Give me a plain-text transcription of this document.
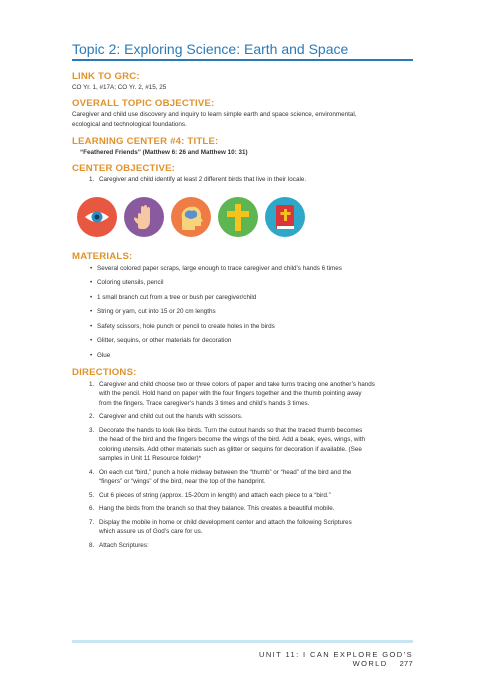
Topic 2: Exploring Science: Earth and Space

LINK TO GRC:

CO Yr. 1, #17A; CO Yr. 2, #15, 25

OVERALL TOPIC OBJECTIVE:

Caregiver and child use discovery and inquiry to learn simple earth and space science, environmental,

ecological and technological foundations.

LEARNING CENTER #4: TITLE:

“Feathered Friends” (Matthew 6: 26 and Matthew 10: 31)

CENTER OBJECTIVE:

1. Caregiver and child identify at least 2 different birds that live in their locale.

MATERIALS:

• Several colored paper scraps, large enough to trace caregiver and child’s hands 6 times
• Coloring utensils, pencil
• 1 small branch cut from a tree or bush per caregiver/child
• String or yarn, cut into 15 or 20 cm lengths
• Safety scissors, hole punch or pencil to create holes in the birds
• Glitter, sequins, or other materials for decoration
• Glue

DIRECTIONS:

1. Caregiver and child choose two or three colors of paper and take turns tracing one another’s hands
with the pencil. Hold hand on paper with the four fingers together and the thumb pointing away
from the fingers. Trace caregiver’s hands 3 times and child’s hands 3 times.
2. Caregiver and child cut out the hands with scissors.
3. Decorate the hands to look like birds. Turn the cutout hands so that the traced thumb becomes
the head of the bird and the fingers become the wings of the bird. Add a beak, eyes, wings, with
coloring utensils. Add other materials such as glitter or sequins for decoration if available. (See
samples in Unit 11 Resource folder)*
4. On each cut “bird,” punch a hole midway between the “thumb” or “head” of the bird and the
“fingers” or “wings” of the bird, near the top of the handprint.
5. Cut 6 pieces of string (approx. 15-20cm in length) and attach each piece to a “bird.”
6. Hang the birds from the branch so that they balance. This creates a beautiful mobile.
7. Display the mobile in home or child development center and attach the following Scriptures
which assure us of God’s care for us.
8. Attach Scriptures:
UNIT 11: I CAN EXPLORE GOD’S WORLD 277
